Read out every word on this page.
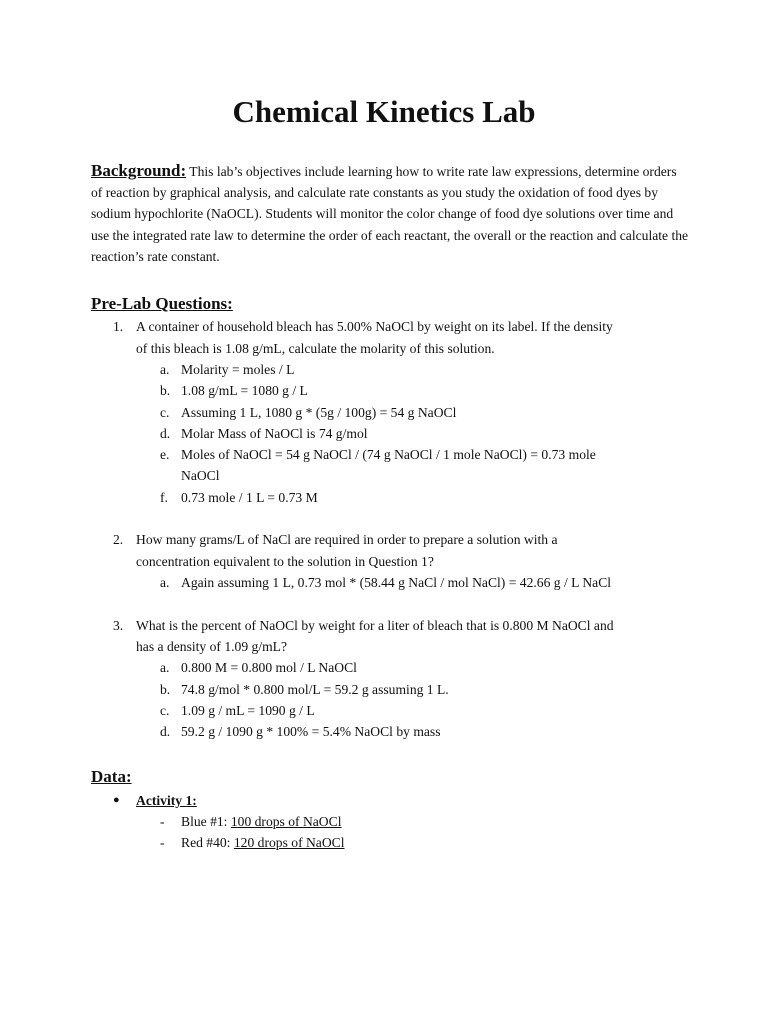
Chemical Kinetics Lab
Background: This lab’s objectives include learning how to write rate law expressions, determine orders of reaction by graphical analysis, and calculate rate constants as you study the oxidation of food dyes by sodium hypochlorite (NaOCL). Students will monitor the color change of food dye solutions over time and use the integrated rate law to determine the order of each reactant, the overall or the reaction and calculate the reaction’s rate constant.
Pre-Lab Questions:
1. A container of household bleach has 5.00% NaOCl by weight on its label. If the density
of this bleach is 1.08 g/mL, calculate the molarity of this solution.
a. Molarity = moles / L
b. 1.08 g/mL = 1080 g / L
c. Assuming 1 L, 1080 g * (5g / 100g) = 54 g NaOCl
d. Molar Mass of NaOCl is 74 g/mol
e. Moles of NaOCl = 54 g NaOCl / (74 g NaOCl / 1 mole NaOCl) = 0.73 mole
NaOCl
f. 0.73 mole / 1 L = 0.73 M
2. How many grams/L of NaCl are required in order to prepare a solution with a
concentration equivalent to the solution in Question 1?
a. Again assuming 1 L, 0.73 mol * (58.44 g NaCl / mol NaCl) = 42.66 g / L NaCl
3. What is the percent of NaOCl by weight for a liter of bleach that is 0.800 M NaOCl and
has a density of 1.09 g/mL?
a. 0.800 M = 0.800 mol / L NaOCl
b. 74.8 g/mol * 0.800 mol/L = 59.2 g assuming 1 L.
c. 1.09 g / mL = 1090 g / L
d. 59.2 g / 1090 g * 100% = 5.4% NaOCl by mass
Data:
● Activity 1:
- Blue #1: 100 drops of NaOCl
- Red #40: 120 drops of NaOCl
